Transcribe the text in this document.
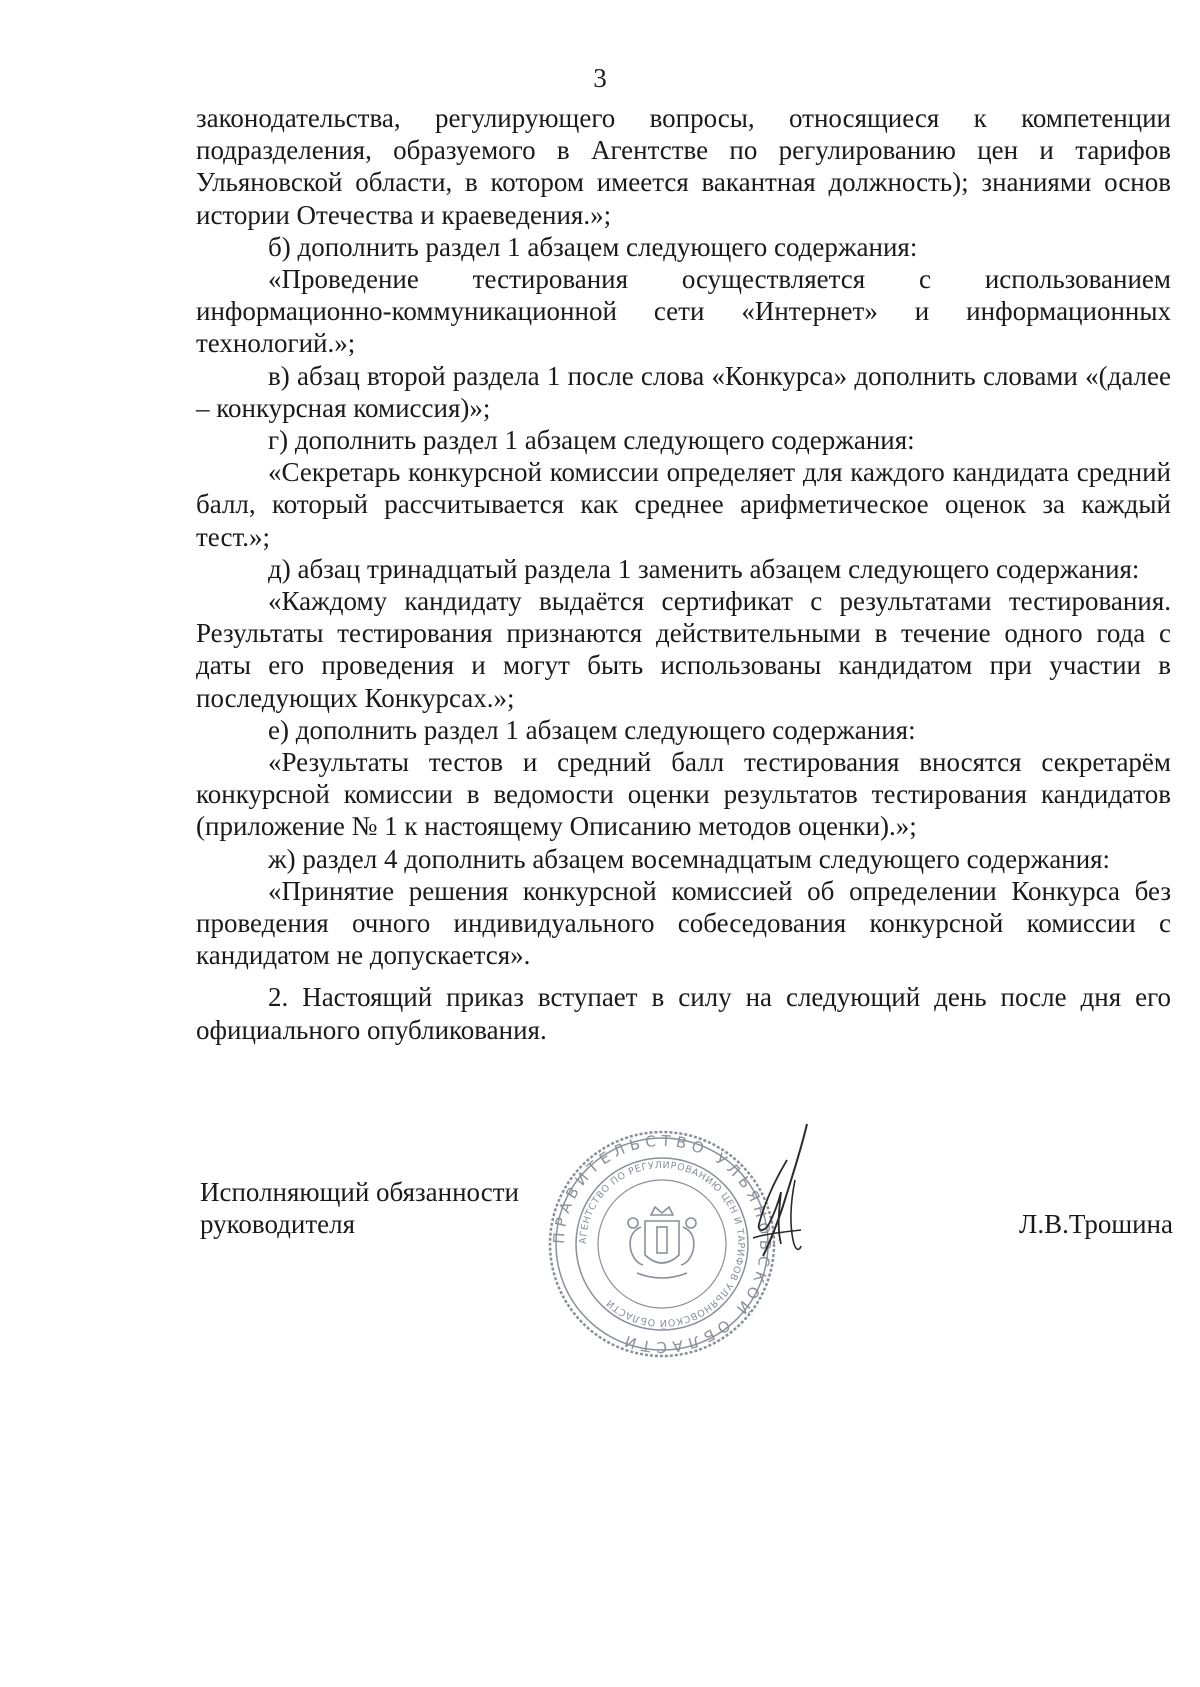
3

законодательства, регулирующего вопросы, относящиеся к компетенции подразделения, образуемого в Агентстве по регулированию цен и тарифов Ульяновской области, в котором имеется вакантная должность); знаниями основ истории Отечества и краеведения.»;

б) дополнить раздел 1 абзацем следующего содержания:

«Проведение тестирования осуществляется с использованием информационно-коммуникационной сети «Интернет» и информационных технологий.»;

в) абзац второй раздела 1 после слова «Конкурса» дополнить словами «(далее – конкурсная комиссия)»;

г) дополнить раздел 1 абзацем следующего содержания:

«Секретарь конкурсной комиссии определяет для каждого кандидата средний балл, который рассчитывается как среднее арифметическое оценок за каждый тест.»;

д) абзац тринадцатый раздела 1 заменить абзацем следующего содержания:

«Каждому кандидату выдаётся сертификат с результатами тестирования. Результаты тестирования признаются действительными в течение одного года с даты его проведения и могут быть использованы кандидатом при участии в последующих Конкурсах.»;

е) дополнить раздел 1 абзацем следующего содержания:

«Результаты тестов и средний балл тестирования вносятся секретарём конкурсной комиссии в ведомости оценки результатов тестирования кандидатов (приложение № 1 к настоящему Описанию методов оценки).»;

ж) раздел 4 дополнить абзацем восемнадцатым следующего содержания:

«Принятие решения конкурсной комиссией об определении Конкурса без проведения очного индивидуального собеседования конкурсной комиссии с кандидатом не допускается».

2. Настоящий приказ вступает в силу на следующий день после дня его официального опубликования.

Исполняющий обязанности
руководителя	Л.В.Трошина
ПРАВИТЕЛЬСТВО УЛЬЯНОВСКОЙ ОБЛАСТИ
АГЕНТСТВО ПО РЕГУЛИРОВАНИЮ ЦЕН И ТАРИФОВ УЛЬЯНОВСКОЙ ОБЛАСТИ
